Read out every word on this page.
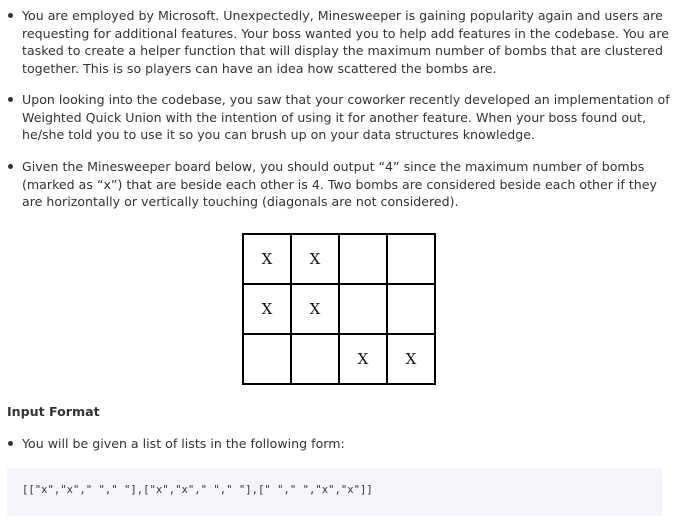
You are employed by Microsoft. Unexpectedly, Minesweeper is gaining popularity again and users are requesting for additional features. Your boss wanted you to help add features in the codebase. You are tasked to create a helper function that will display the maximum number of bombs that are clustered together. This is so players can have an idea how scattered the bombs are.
Upon looking into the codebase, you saw that your coworker recently developed an implementation of Weighted Quick Union with the intention of using it for another feature. When your boss found out, he/she told you to use it so you can brush up on your data structures knowledge.
Given the Minesweeper board below, you should output “4” since the maximum number of bombs (marked as “x”) that are beside each other is 4. Two bombs are considered beside each other if they are horizontally or vertically touching (diagonals are not considered).
X	X		
X	X		
		X	X
Input Format
You will be given a list of lists in the following form:
[["x","x"," "," "],["x","x"," "," "],[" "," ","x","x"]]
